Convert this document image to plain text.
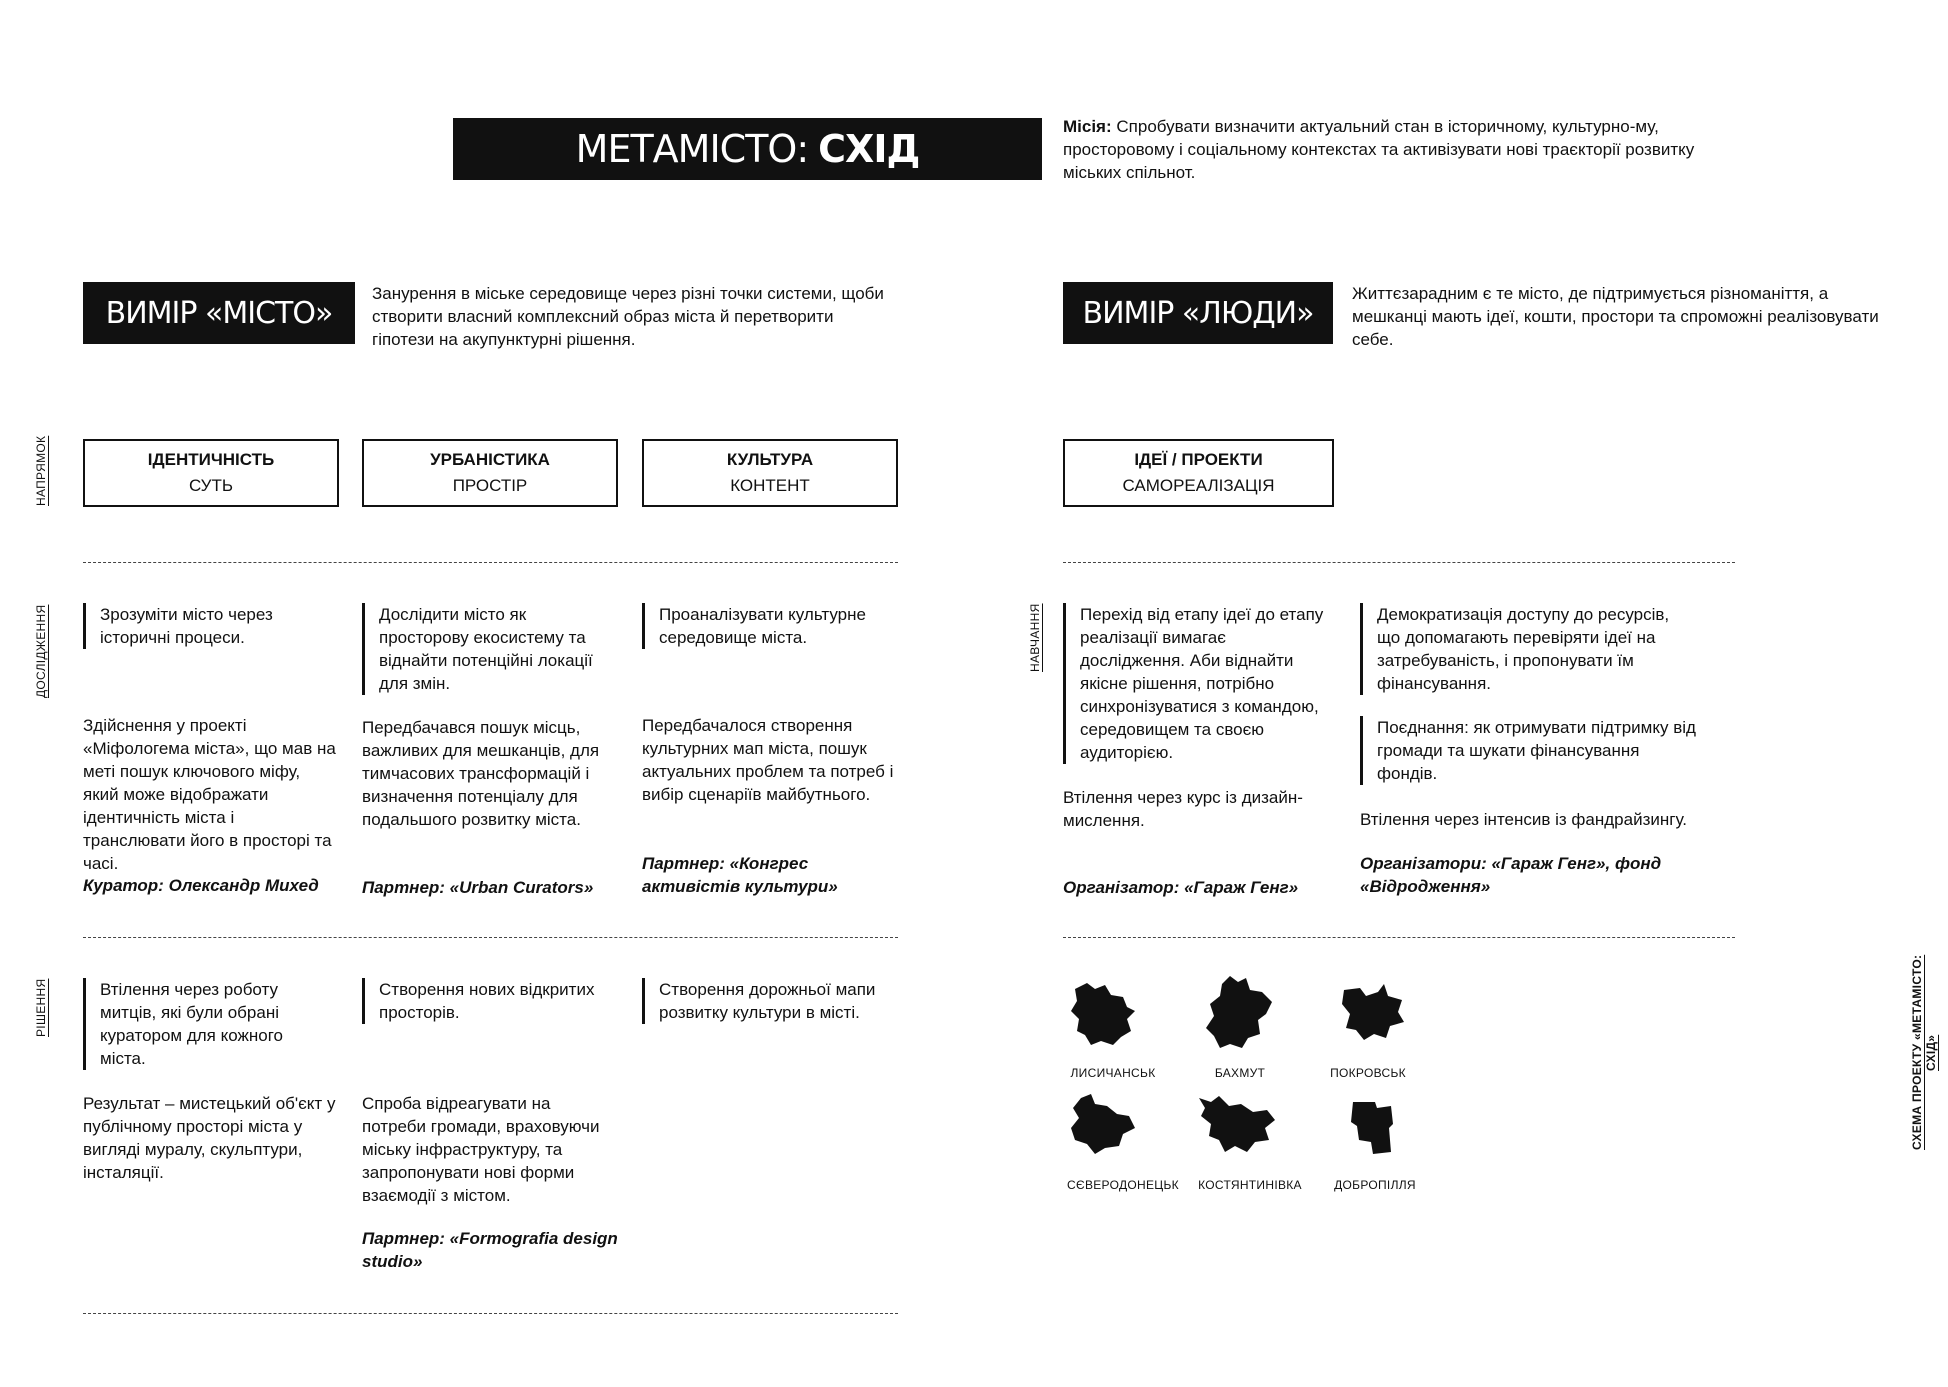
МЕТАМІСТО: СХІД
Місія: Спробувати визначити актуальний стан в історичному, культурно-му, просторовому і соціальному контекстах та активізувати нові траєкторії розвитку міських спільнот.
ВИМІР «МІСТО»
Занурення в міське середовище через різні точки системи, щоби створити власний комплексний образ міста й перетворити гіпотези на акупунктурні рішення.
ВИМІР «ЛЮДИ»
Життєзарадним є те місто, де підтримується різноманіття, а мешканці мають ідеї, кошти, простори та спроможні реалізовувати себе.
НАПРЯМОК
ДОСЛІДЖЕННЯ	НАВЧАННЯ
РІШЕННЯ	СХЕМА ПРОЕКТУ «МЕТАМІСТО: СХІД»
ІДЕНТИЧНІСТЬ
СУТЬ
УРБАНІСТИКА
ПРОСТІР
КУЛЬТУРА
КОНТЕНТ
ІДЕЇ / ПРОЕКТИ
САМОРЕАЛІЗАЦІЯ
Зрозуміти місто через історичні процеси.
Здійснення у проекті «Міфологема міста», що мав на меті пошук ключового міфу, який може відображати ідентичність міста і транслювати його в просторі та часі.
Куратор: Олександр Михед
Дослідити місто як просторову екосистему та віднайти потенційні локації для змін.
Передбачався пошук місць, важливих для мешканців, для тимчасових трансформацій і визначення потенціалу для подальшого розвитку міста.
Партнер: «Urban Curators»
Проаналізувати культурне середовище міста.
Передбачалося створення культурних мап міста, пошук актуальних проблем та потреб і вибір сценаріїв майбутнього.
Партнер: «Конгрес активістів культури»
Перехід від етапу ідеї до етапу реалізації вимагає дослідження. Аби віднайти якісне рішення, потрібно синхронізуватися з командою, середовищем та своєю аудиторією.
Втілення через курс із дизайн-мислення.
Організатор: «Гараж Генг»
Демократизація доступу до ресурсів, що допомагають перевіряти ідеї на затребуваність, і пропонувати їм фінансування.
Поєднання: як отримувати підтримку від громади та шукати фінансування фондів.
Втілення через інтенсив із фандрайзингу.
Організатори: «Гараж Генг», фонд «Відродження»
Втілення через роботу митців, які були обрані куратором для кожного міста.
Результат – мистецький об'єкт у публічному просторі міста у вигляді муралу, скульптури, інсталяції.
Створення нових відкритих просторів.
Спроба відреагувати на потреби громади, враховуючи міську інфраструктуру, та запропонувати нові форми взаємодії з містом.
Партнер: «Formografia design studio»
Створення дорожньої мапи розвитку культури в місті.
ЛИСИЧАНСЬК	БАХМУТ	ПОКРОВСЬК
СЄВЕРОДОНЕЦЬК	КОСТЯНТИНІВКА	ДОБРОПІЛЛЯ
